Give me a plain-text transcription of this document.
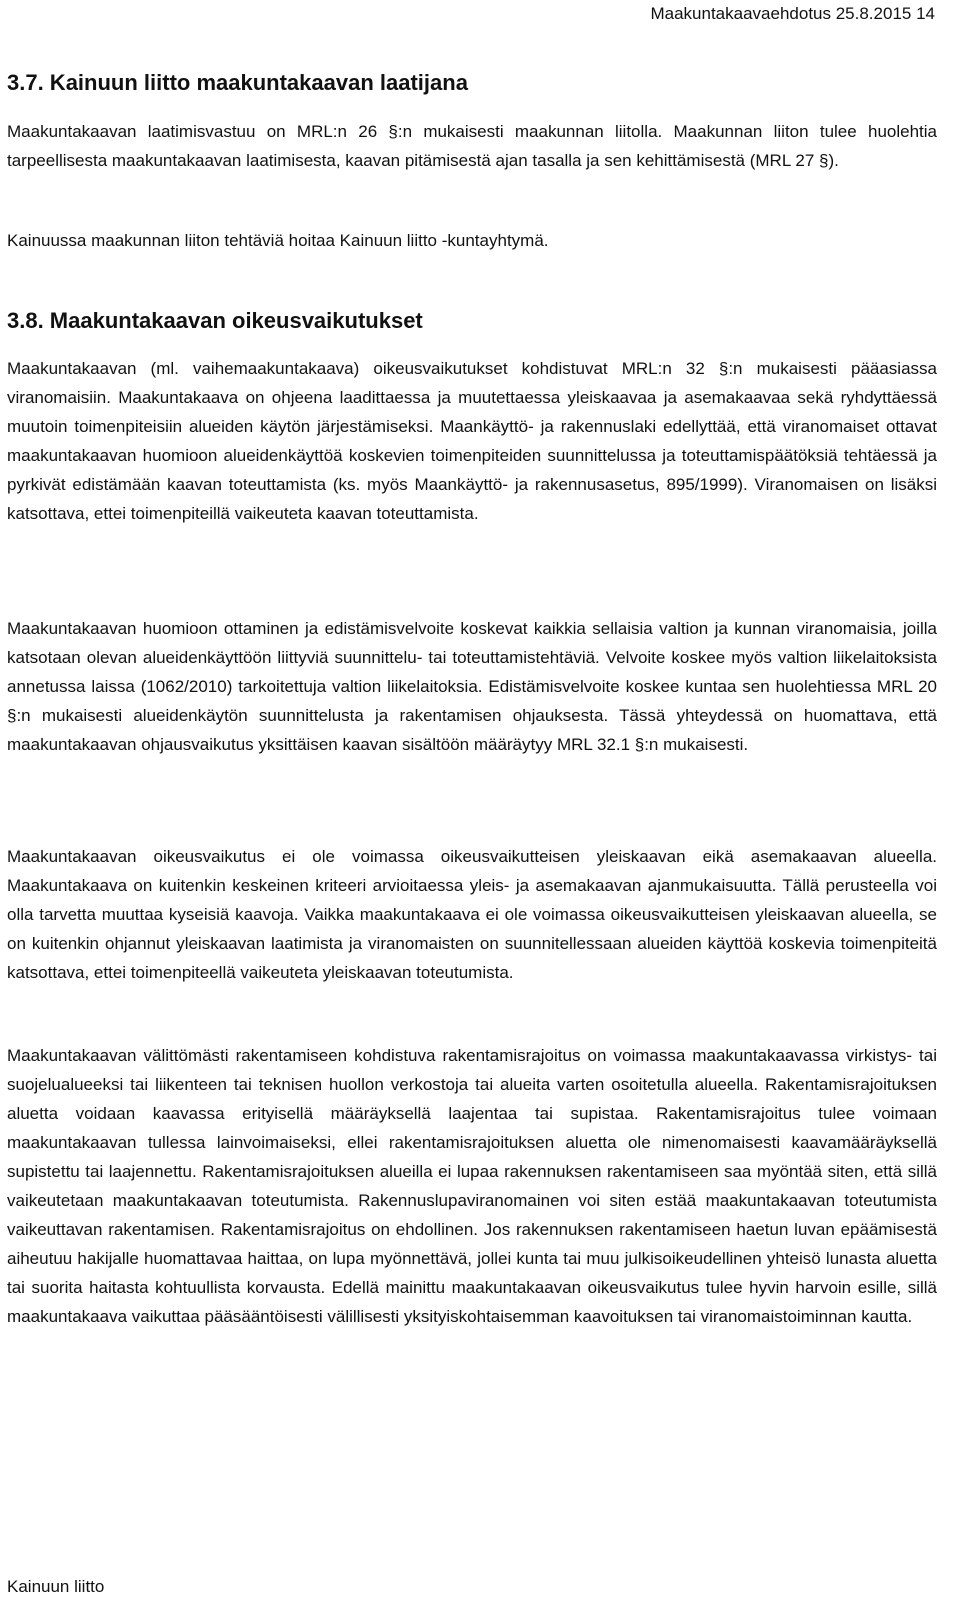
Maakuntakaavaehdotus 25.8.2015 14
3.7. Kainuun liitto maakuntakaavan laatijana

Maakuntakaavan laatimisvastuu on MRL:n 26 §:n mukaisesti maakunnan liitolla. Maakunnan liiton tulee huolehtia tarpeellisesta maakuntakaavan laatimisesta, kaavan pitämisestä ajan tasalla ja sen kehittämisestä (MRL 27 §).

Kainuussa maakunnan liiton tehtäviä hoitaa Kainuun liitto -kuntayhtymä.

3.8. Maakuntakaavan oikeusvaikutukset

Maakuntakaavan (ml. vaihemaakuntakaava) oikeusvaikutukset kohdistuvat MRL:n 32 §:n mukaisesti pääasiassa viranomaisiin. Maakuntakaava on ohjeena laadittaessa ja muutettaessa yleiskaavaa ja asemakaavaa sekä ryhdyttäessä muutoin toimenpiteisiin alueiden käytön järjestämiseksi. Maankäyttö- ja rakennuslaki edellyttää, että viranomaiset ottavat maakuntakaavan huomioon alueidenkäyttöä koskevien toimenpiteiden suunnittelussa ja toteuttamispäätöksiä tehtäessä ja pyrkivät edistämään kaavan toteuttamista (ks. myös Maankäyttö- ja rakennusasetus, 895/1999). Viranomaisen on lisäksi katsottava, ettei toimenpiteillä vaikeuteta kaavan toteuttamista.

Maakuntakaavan huomioon ottaminen ja edistämisvelvoite koskevat kaikkia sellaisia valtion ja kunnan viranomaisia, joilla katsotaan olevan alueidenkäyttöön liittyviä suunnittelu- tai toteuttamistehtäviä. Velvoite koskee myös valtion liikelaitoksista annetussa laissa (1062/2010) tarkoitettuja valtion liikelaitoksia. Edistämisvelvoite koskee kuntaa sen huolehtiessa MRL 20 §:n mukaisesti alueidenkäytön suunnittelusta ja rakentamisen ohjauksesta. Tässä yhteydessä on huomattava, että maakuntakaavan ohjausvaikutus yksittäisen kaavan sisältöön määräytyy MRL 32.1 §:n mukaisesti.

Maakuntakaavan oikeusvaikutus ei ole voimassa oikeusvaikutteisen yleiskaavan eikä asemakaavan alueella. Maakuntakaava on kuitenkin keskeinen kriteeri arvioitaessa yleis- ja asemakaavan ajanmukaisuutta. Tällä perusteella voi olla tarvetta muuttaa kyseisiä kaavoja. Vaikka maakuntakaava ei ole voimassa oikeusvaikutteisen yleiskaavan alueella, se on kuitenkin ohjannut yleiskaavan laatimista ja viranomaisten on suunnitellessaan alueiden käyttöä koskevia toimenpiteitä katsottava, ettei toimenpiteellä vaikeuteta yleiskaavan toteutumista.

Maakuntakaavan välittömästi rakentamiseen kohdistuva rakentamisrajoitus on voimassa maakuntakaavassa virkistys- tai suojelualueeksi tai liikenteen tai teknisen huollon verkostoja tai alueita varten osoitetulla alueella. Rakentamisrajoituksen aluetta voidaan kaavassa erityisellä määräyksellä laajentaa tai supistaa. Rakentamisrajoitus tulee voimaan maakuntakaavan tullessa lainvoimaiseksi, ellei rakentamisrajoituksen aluetta ole nimenomaisesti kaavamääräyksellä supistettu tai laajennettu. Rakentamisrajoituksen alueilla ei lupaa rakennuksen rakentamiseen saa myöntää siten, että sillä vaikeutetaan maakuntakaavan toteutumista. Rakennuslupaviranomainen voi siten estää maakuntakaavan toteutumista vaikeuttavan rakentamisen. Rakentamisrajoitus on ehdollinen. Jos rakennuksen rakentamiseen haetun luvan epäämisestä aiheutuu hakijalle huomattavaa haittaa, on lupa myönnettävä, jollei kunta tai muu julkisoikeudellinen yhteisö lunasta aluetta tai suorita haitasta kohtuullista korvausta. Edellä mainittu maakuntakaavan oikeusvaikutus tulee hyvin harvoin esille, sillä maakuntakaava vaikuttaa pääsääntöisesti välillisesti yksityiskohtaisemman kaavoituksen tai viranomaistoiminnan kautta.

Kainuun liitto
